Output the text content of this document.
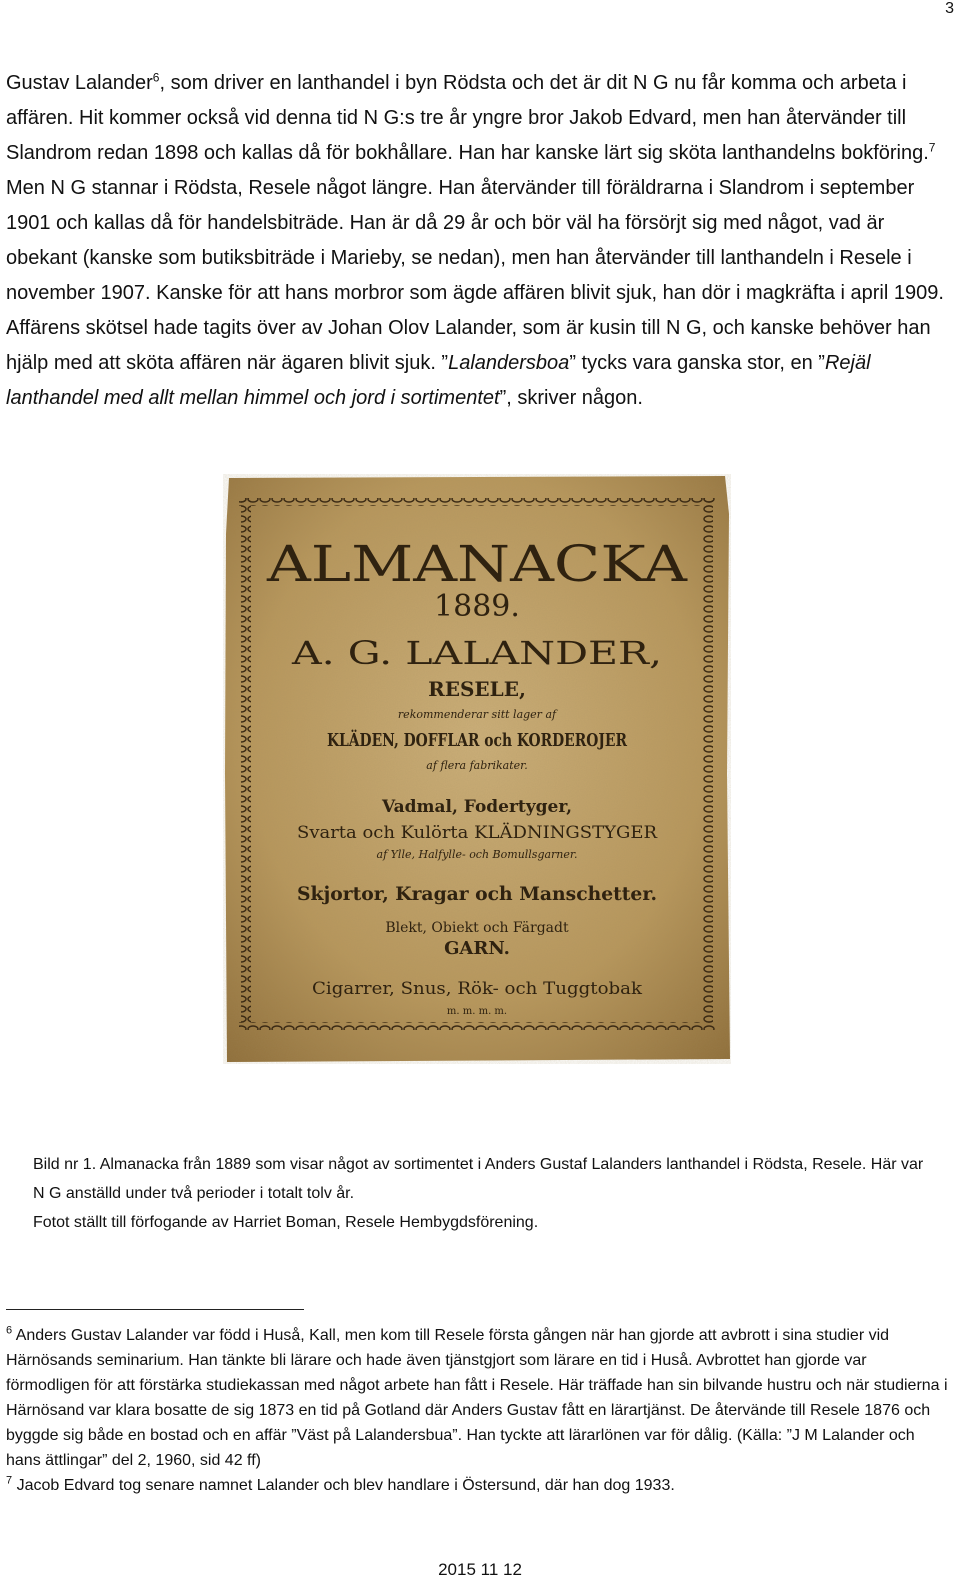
3

Gustav Lalander$^6$, som driver en lanthandel i byn Rödsta och det är dit N G nu får komma och arbeta i affären. Hit kommer också vid denna tid N G:s tre år yngre bror Jakob Edvard, men han återvänder till Slandrom redan 1898 och kallas då för bokhållare. Han har kanske lärt sig sköta lanthandelns bokföring.$^7$ Men N G stannar i Rödsta, Resele något längre. Han återvänder till föräldrarna i Slandrom i september 1901 och kallas då för handelsbiträde. Han är då 29 år och bör väl ha försörjt sig med något, vad är obekant (kanske som butiksbiträde i Marieby, se nedan), men han återvänder till lanthandeln i Resele i november 1907. Kanske för att hans morbror som ägde affären blivit sjuk, han dör i magkräfta i april 1909. Affärens skötsel hade tagits över av Johan Olov Lalander, som är kusin till N G, och kanske behöver han hjälp med att sköta affären när ägaren blivit sjuk. ”Lalandersboa” tycks vara ganska stor, en ”Rejäl lanthandel med allt mellan himmel och jord i sortimentet”, skriver någon.

ALMANACKA
1889.
A. G. LALANDER,
RESELE,
rekommenderar sitt lager af
KLÄDEN, DOFFLAR och KORDEROJER
af flera fabrikater.
Vadmal, Fodertyger,
Svarta och Kulörta KLÄDNINGSTYGER
af Ylle, Halfylle- och Bomullsgarner.
Skjortor, Kragar och Manschetter.
Blekt, Obiekt och Färgadt
GARN.
Cigarrer, Snus, Rök- och Tuggtobak
m. m. m. m.

Bild nr 1. Almanacka från 1889 som visar något av sortimentet i Anders Gustaf Lalanders lanthandel i Rödsta, Resele. Här var N G anställd under två perioder i totalt tolv år.

Fotot ställt till förfogande av Harriet Boman, Resele Hembygdsförening.

$^6$ Anders Gustav Lalander var född i Huså, Kall, men kom till Resele första gången när han gjorde att avbrott i sina studier vid Härnösands seminarium. Han tänkte bli lärare och hade även tjänstgjort som lärare en tid i Huså. Avbrottet han gjorde var förmodligen för att förstärka studiekassan med något arbete han fått i Resele. Här träffade han sin bilvande hustru och när studierna i Härnösand var klara bosatte de sig 1873 en tid på Gotland där Anders Gustav fått en lärartjänst. De återvände till Resele 1876 och byggde sig både en bostad och en affär ”Väst på Lalandersbua”. Han tyckte att lärarlönen var för dålig. (Källa: ”J M Lalander och hans ättlingar” del 2, 1960, sid 42 ff)

$^7$ Jacob Edvard tog senare namnet Lalander och blev handlare i Östersund, där han dog 1933.

2015 11 12
